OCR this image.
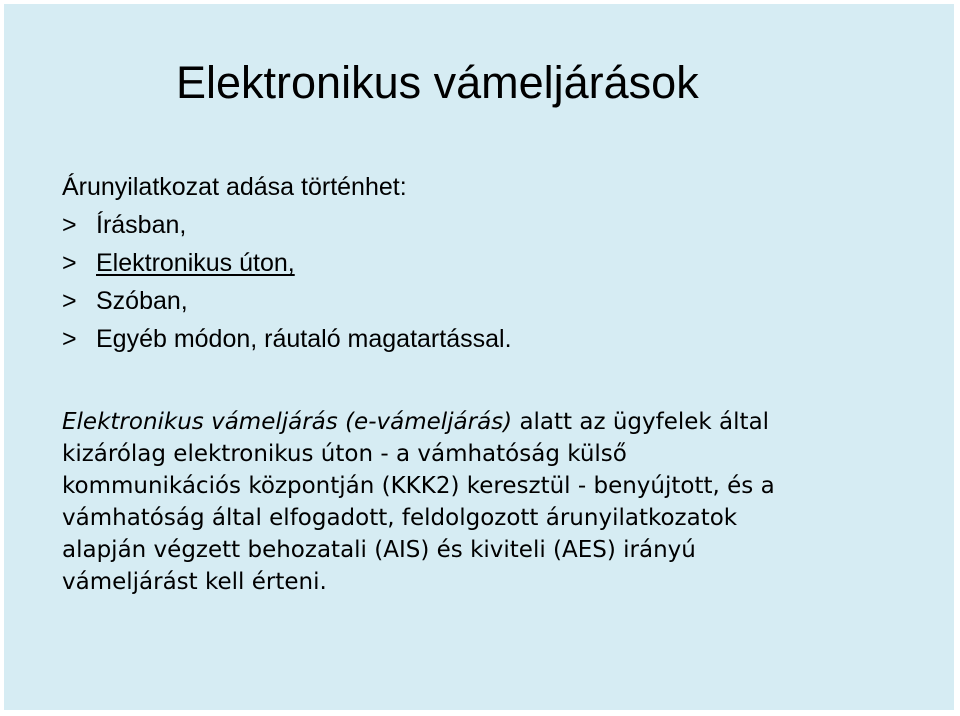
Elektronikus vámeljárások
Árunyilatkozat adása történhet:
> Írásban,
> Elektronikus úton,
> Szóban,
> Egyéb módon, ráutaló magatartással.

Elektronikus vámeljárás (e-vámeljárás) alatt az ügyfelek által
kizárólag elektronikus úton - a vámhatóság külső
kommunikációs központján (KKK2) keresztül - benyújtott, és a
vámhatóság által elfogadott, feldolgozott árunyilatkozatok
alapján végzett behozatali (AIS) és kiviteli (AES) irányú
vámeljárást kell érteni.
